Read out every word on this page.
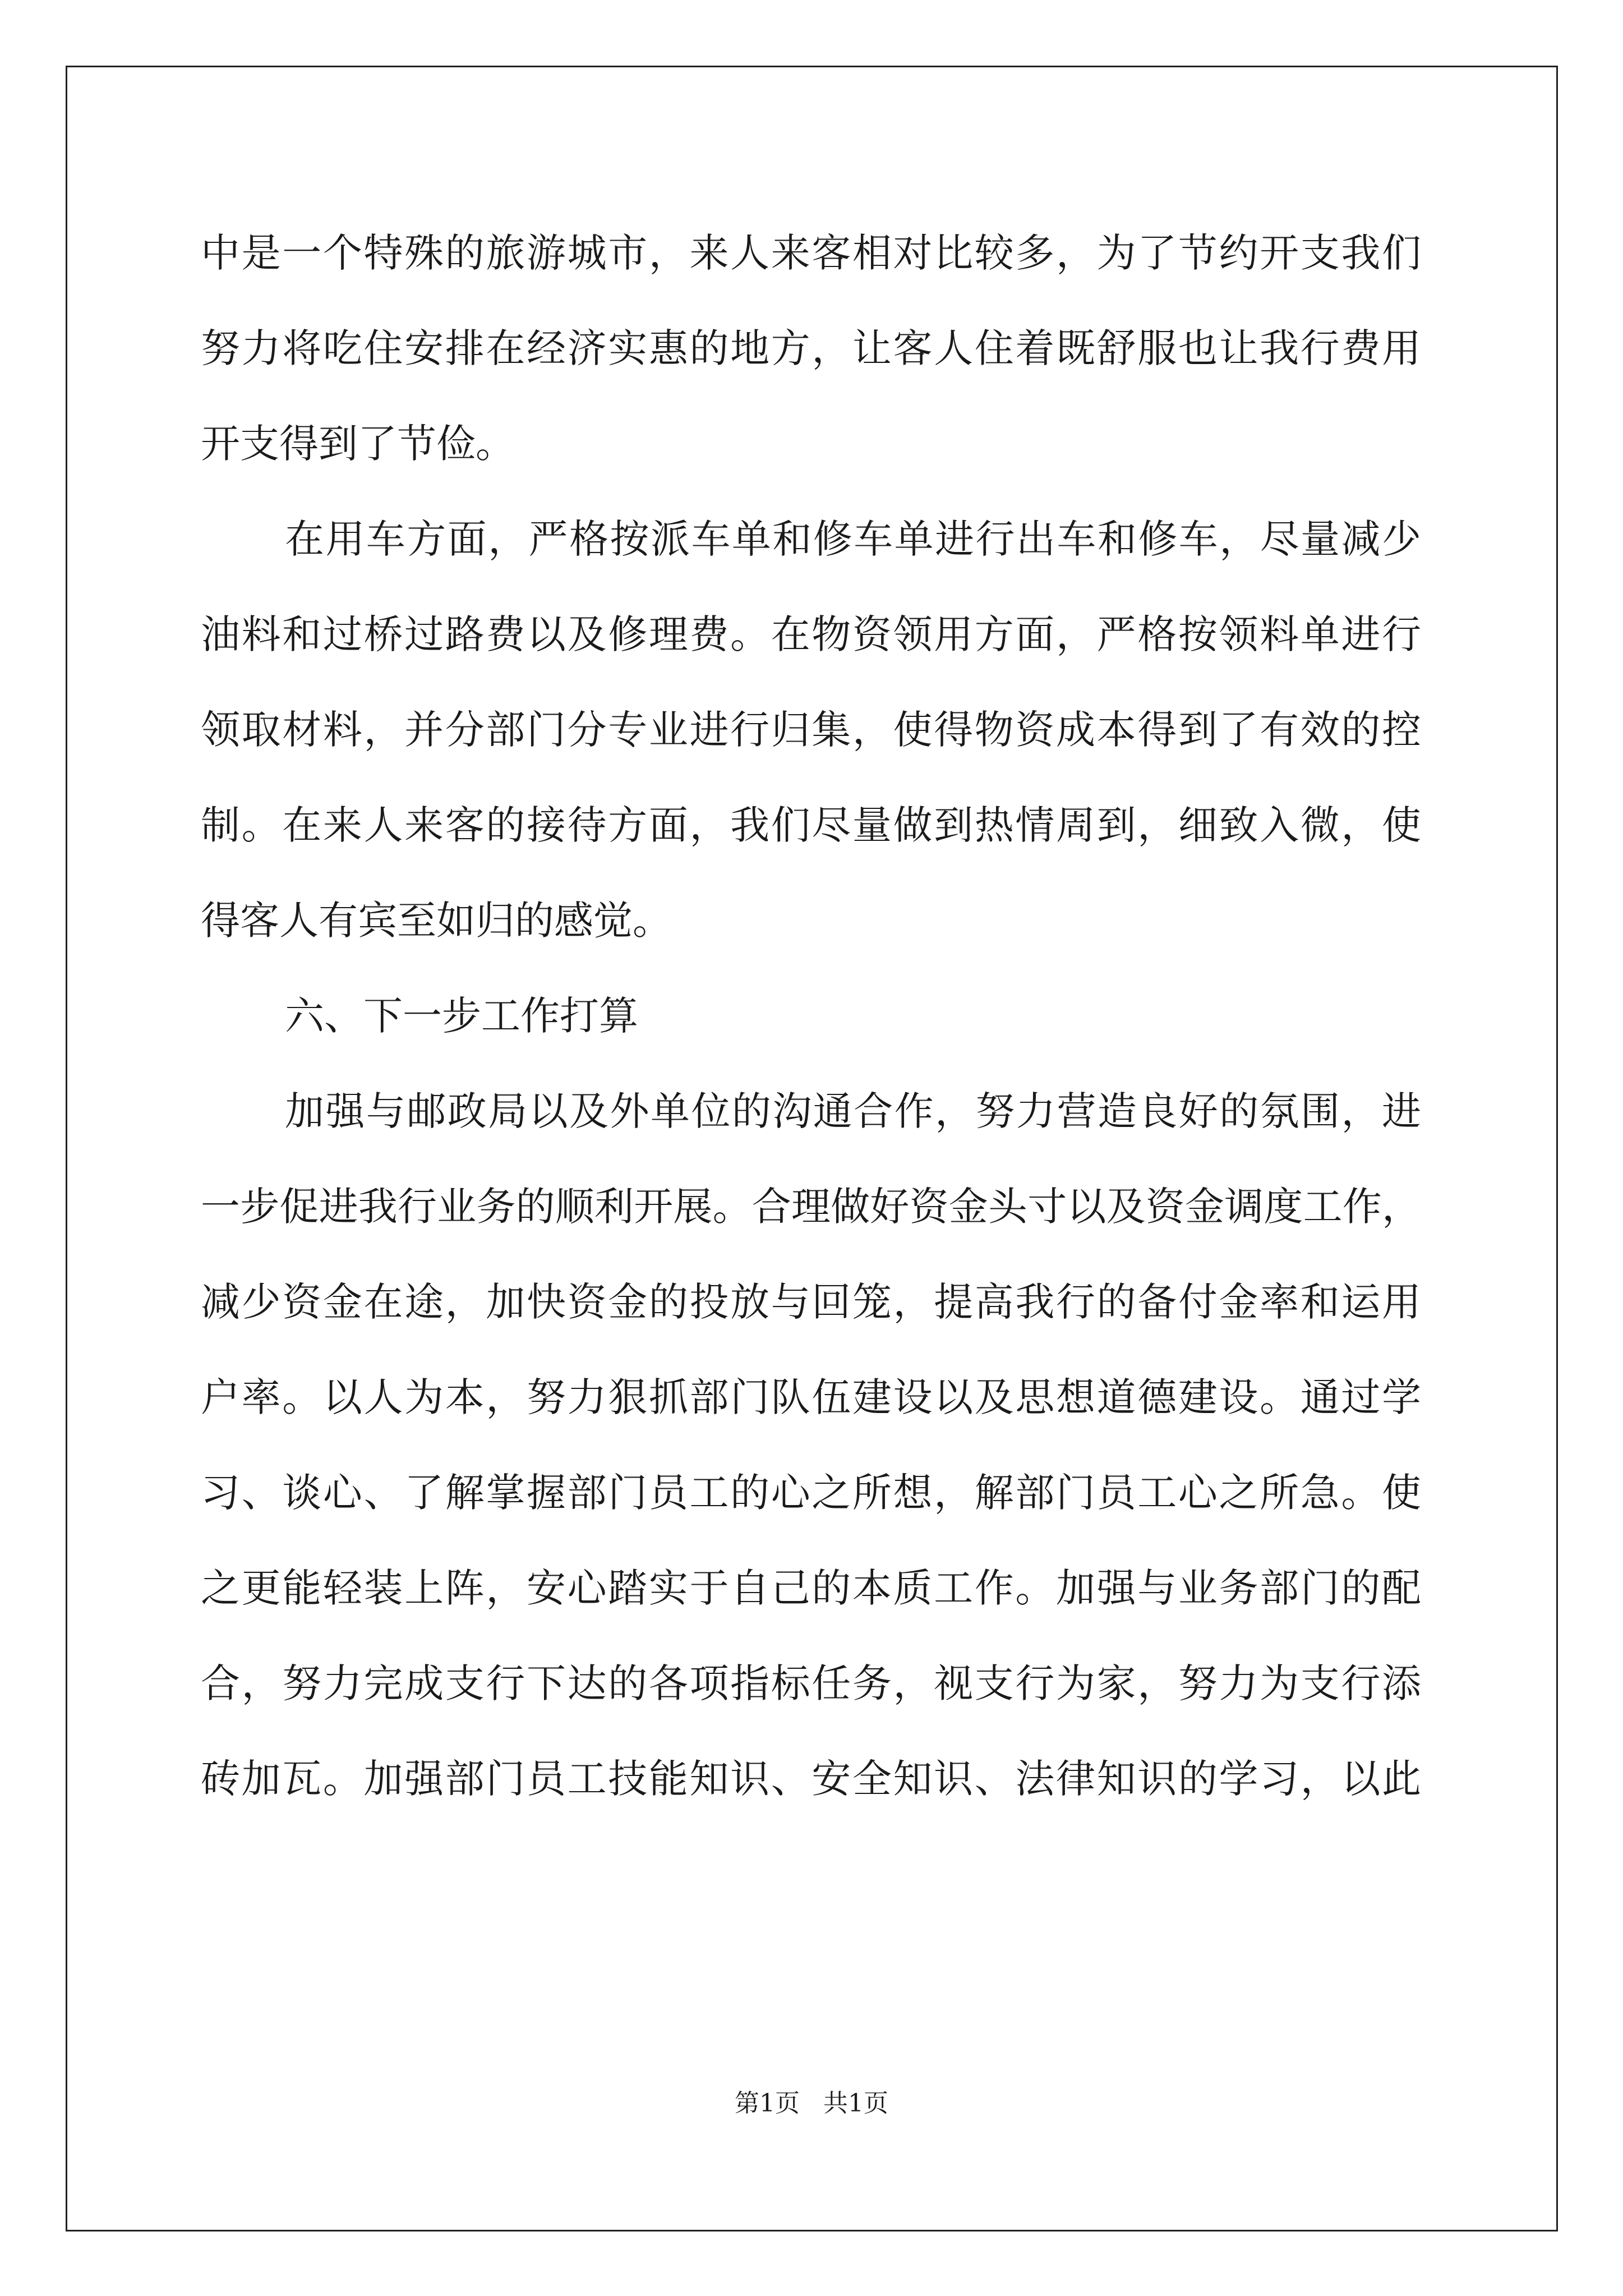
中是一个特殊的旅游城市，来人来客相对比较多，为了节约开支我们
努力将吃住安排在经济实惠的地方，让客人住着既舒服也让我行费用
开支得到了节俭。
在用车方面，严格按派车单和修车单进行出车和修车，尽量减少
油料和过桥过路费以及修理费。在物资领用方面，严格按领料单进行
领取材料，并分部门分专业进行归集，使得物资成本得到了有效的控
制。在来人来客的接待方面，我们尽量做到热情周到，细致入微，使
得客人有宾至如归的感觉。
六、下一步工作打算
加强与邮政局以及外单位的沟通合作，努力营造良好的氛围，进
一步促进我行业务的顺利开展。合理做好资金头寸以及资金调度工作，
减少资金在途，加快资金的投放与回笼，提高我行的备付金率和运用
户率。以人为本，努力狠抓部门队伍建设以及思想道德建设。通过学
习、谈心、了解掌握部门员工的心之所想，解部门员工心之所急。使
之更能轻装上阵，安心踏实于自己的本质工作。加强与业务部门的配
合，努力完成支行下达的各项指标任务，视支行为家，努力为支行添
砖加瓦。加强部门员工技能知识、安全知识、法律知识的学习，以此
第1页   共1页
